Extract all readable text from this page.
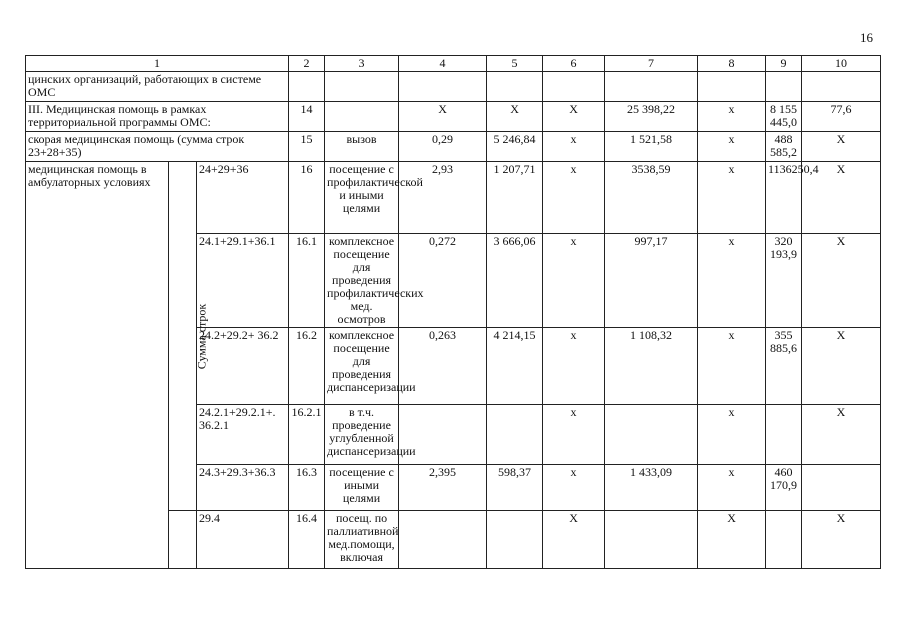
16
1			2	3	4	5	6	7	8	9	10
цинских организаций, работающих в системе ОМС											
III. Медицинская помощь в рамках территориальной программы ОМС:			14		X	X	X	25 398,22	x	8 155 445,0	77,6
скорая медицинская помощь (сумма строк 23+28+35)			15	вызов	0,29	5 246,84	x	1 521,58	x	488 585,2	X
медицинская помощь в амбулаторных условиях	Сумма строк	24+29+36	16	посещение с профилактической и иными целями	2,93	1 207,71	x	3538,59	x	1136250,4	X
		24.1+29.1+36.1	16.1	комплексное посещение для проведения профилактических мед. осмотров	0,272	3 666,06	x	997,17	x	320 193,9	X
		24.2+29.2+ 36.2	16.2	комплексное посещение для проведения диспансеризации	0,263	4 214,15	x	1 108,32	x	355 885,6	X
		24.2.1+29.2.1+. 36.2.1	16.2.1	в т.ч. проведение углубленной диспансеризации			x		x		X
		24.3+29.3+36.3	16.3	посещение с иными целями	2,395	598,37	x	1 433,09	x	460 170,9	
		29.4	16.4	посещ. по паллиативной мед.помощи, включая			X		X		X
